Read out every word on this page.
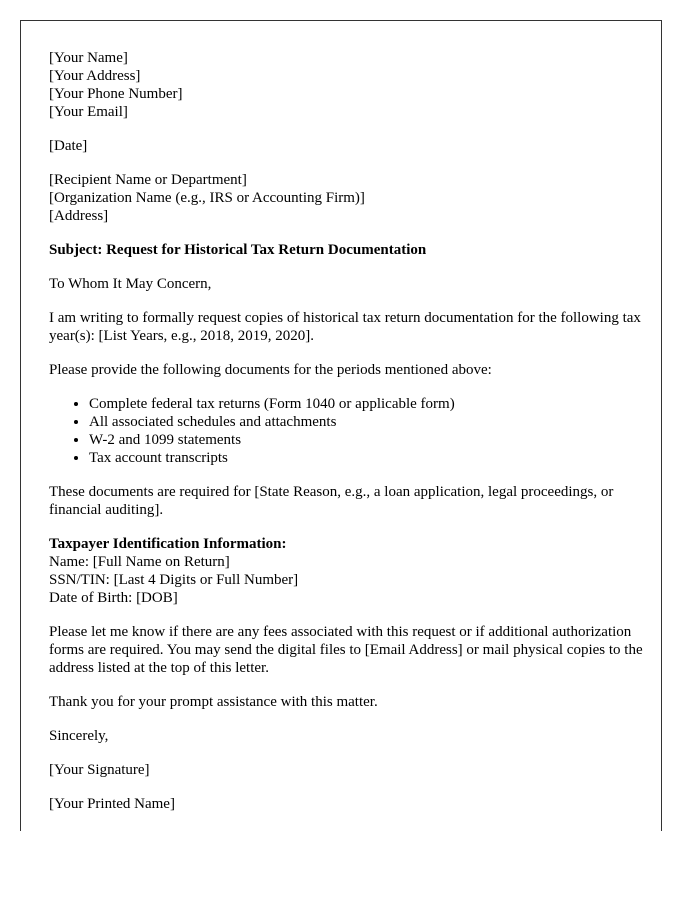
[Your Name]
[Your Address]
[Your Phone Number]
[Your Email]

[Date]

[Recipient Name or Department]
[Organization Name (e.g., IRS or Accounting Firm)]
[Address]

Subject: Request for Historical Tax Return Documentation

To Whom It May Concern,

I am writing to formally request copies of historical tax return documentation for the following tax year(s): [List Years, e.g., 2018, 2019, 2020].

Please provide the following documents for the periods mentioned above:

• Complete federal tax returns (Form 1040 or applicable form)
• All associated schedules and attachments
• W-2 and 1099 statements
• Tax account transcripts

These documents are required for [State Reason, e.g., a loan application, legal proceedings, or financial auditing].

Taxpayer Identification Information:
Name: [Full Name on Return]
SSN/TIN: [Last 4 Digits or Full Number]
Date of Birth: [DOB]

Please let me know if there are any fees associated with this request or if additional authorization forms are required. You may send the digital files to [Email Address] or mail physical copies to the address listed at the top of this letter.

Thank you for your prompt assistance with this matter.

Sincerely,

[Your Signature]

[Your Printed Name]
